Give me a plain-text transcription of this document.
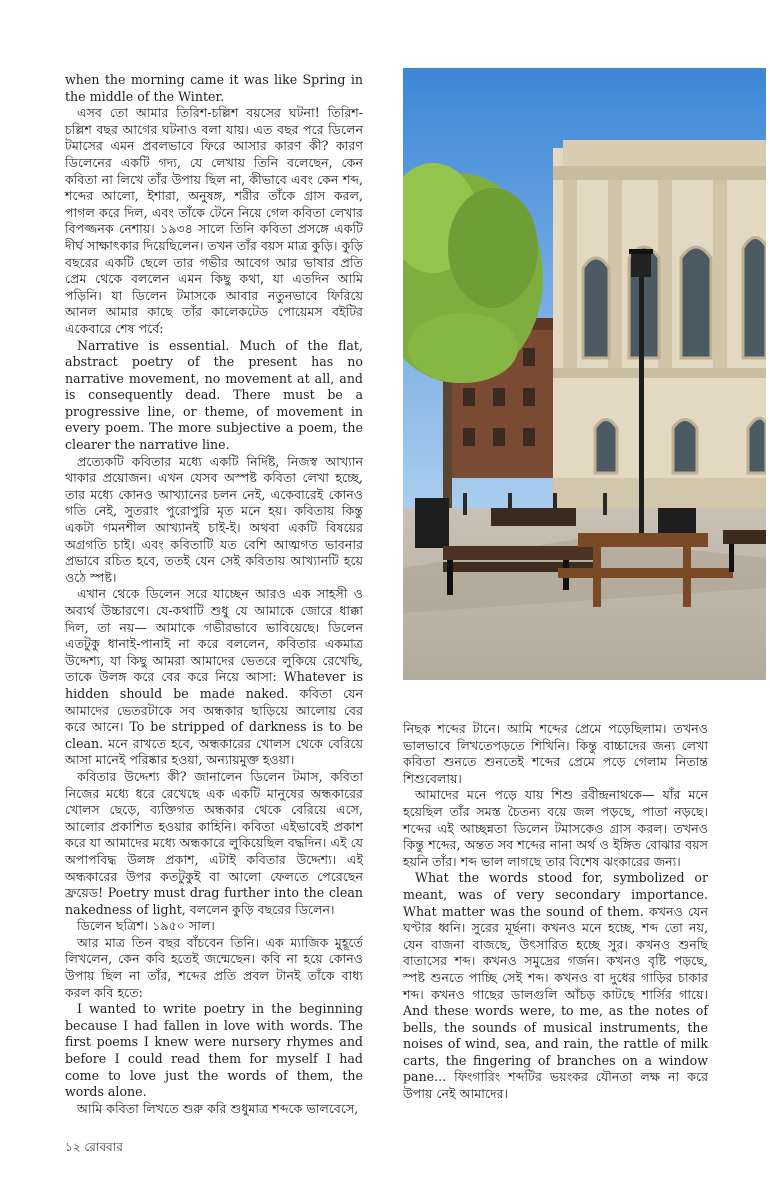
when the morning came it was like Spring in the middle of the Winter.

এসব তো আমার তিরিশ-চল্লিশ বয়সের ঘটনা! তিরিশ-চল্লিশ বছর আগের ঘটনাও বলা যায়। এত বছর পরে ডিলেন টমাসের এমন প্রবলভাবে ফিরে আসার কারণ কী? কারণ ডিলেনের একটি গদ্য, যে লেখায় তিনি বলেছেন, কেন কবিতা না লিখে তাঁর উপায় ছিল না, কীভাবে এবং কেন শব্দ, শব্দের আলো, ইশারা, অনুষঙ্গ, শরীর তাঁকে গ্রাস করল, পাগল করে দিল, এবং তাঁকে টেনে নিয়ে গেল কবিতা লেখার বিপজ্জনক নেশায়। ১৯৩৪ সালে তিনি কবিতা প্রসঙ্গে একটি দীর্ঘ সাক্ষাৎকার দিয়েছিলেন। তখন তাঁর বয়স মাত্র কুড়ি। কুড়ি বছরের একটি ছেলে তার গভীর আবেগ আর ভাষার প্রতি প্রেম থেকে বললেন এমন কিছু কথা, যা এতদিন আমি পড়িনি। যা ডিলেন টমাসকে আবার নতুনভাবে ফিরিয়ে আনল আমার কাছে তাঁর কালেকটেড পোয়েমস বইটির একেবারে শেষ পর্বে:

Narrative is essential. Much of the flat, abstract poetry of the present has no narrative movement, no movement at all, and is consequently dead. There must be a progressive line, or theme, of movement in every poem. The more subjective a poem, the clearer the narrative line.

প্রত্যেকটি কবিতার মধ্যে একটি নির্দিষ্ট, নিজস্ব আখ্যান থাকার প্রয়োজন। এখন যেসব অস্পষ্ট কবিতা লেখা হচ্ছে, তার মধ্যে কোনও আখ্যানের চলন নেই, একেবারেই কোনও গতি নেই, সুতরাং পুরোপুরি মৃত মনে হয়। কবিতায় কিন্তু একটা গমনশীল আখ্যানই চাই-ই। অথবা একটি বিষয়ের অগ্রগতি চাই। এবং কবিতাটি যত বেশি আত্মগত ভাবনার প্রভাবে রচিত হবে, ততই যেন সেই কবিতায় আখ্যানটি হয়ে ওঠে স্পষ্ট।

এখান থেকে ডিলেন সরে যাচ্ছেন আরও এক সাহসী ও অব্যর্থ উচ্চারণে। যে-কথাটি শুধু যে আমাকে জোরে ধাক্কা দিল, তা নয়— আমাকে গভীরভাবে ভাবিয়েছে। ডিলেন এতটুকু ধানাই-পানাই না করে বললেন, কবিতার একমাত্র উদ্দেশ্য, যা কিছু আমরা আমাদের ভেতরে লুকিয়ে রেখেছি, তাকে উলঙ্গ করে বের করে নিয়ে আসা: Whatever is hidden should be made naked. কবিতা যেন আমাদের ভেতরটাকে সব অন্ধকার ছাড়িয়ে আলোয় বের করে আনে। To be stripped of darkness is to be clean. মনে রাখতে হবে, অন্ধকারের খোলস থেকে বেরিয়ে আসা মানেই পরিষ্কার হওয়া, অন্যায়মুক্ত হওয়া।

কবিতার উদ্দেশ্য কী? জানালেন ডিলেন টমাস, কবিতা নিজের মধ্যে ধরে রেখেছে এক একটি মানুষের অন্ধকারের খোলস ছেড়ে, ব্যক্তিগত অন্ধকার থেকে বেরিয়ে এসে, আলোর প্রকাশিত হওয়ার কাহিনি। কবিতা এইভাবেই প্রকাশ করে যা আমাদের মধ্যে অন্ধকারে লুকিয়েছিল বদ্ধদিন। এই যে অপাপবিদ্ধ উলঙ্গ প্রকাশ, এটাই কবিতার উদ্দেশ্য। এই অন্ধকারের উপর কতটুকুই বা আলো ফেলতে পেরেছেন ফ্রয়েড! Poetry must drag further into the clean nakedness of light, বললেন কুড়ি বছরের ডিলেন।

ডিলেন ছত্রিশ। ১৯৫০ সাল।

আর মাত্র তিন বছর বাঁচবেন তিনি। এক ম্যাজিক মুহূর্তে লিখলেন, কেন কবি হতেই জন্মেছেন। কবি না হয়ে কোনও উপায় ছিল না তাঁর, শব্দের প্রতি প্রবল টানই তাঁকে বাধ্য করল কবি হতে:

I wanted to write poetry in the beginning because I had fallen in love with words. The first poems I knew were nursery rhymes and before I could read them for myself I had come to love just the words of them, the words alone.

আমি কবিতা লিখতে শুরু করি শুধুমাত্র শব্দকে ভালবেসে,

নিছক শব্দের টানে। আমি শব্দের প্রেমে পড়েছিলাম। তখনও ভালভাবে লিখতেপড়তে শিখিনি। কিন্তু বাচ্চাদের জন্য লেখা কবিতা শুনতে শুনতেই শব্দের প্রেমে পড়ে গেলাম নিতান্ত শিশুবেলায়।

আমাদের মনে পড়ে যায় শিশু রবীন্দ্রনাথকে— যাঁর মনে হয়েছিল তাঁর সমস্ত চৈতন্য বয়ে জল পড়ছে, পাতা নড়ছে। শব্দের এই আচ্ছন্নতা ডিলেন টমাসকেও গ্রাস করল। তখনও কিন্তু শব্দের, অন্তত সব শব্দের নানা অর্থ ও ইঙ্গিত বোঝার বয়স হয়নি তাঁর। শব্দ ভাল লাগছে তার বিশেষ ঝংকারের জন্য।

What the words stood for, symbolized or meant, was of very secondary importance. What matter was the sound of them. কখনও যেন ঘণ্টার ধ্বনি। সুরের মূর্ছনা। কখনও মনে হচ্ছে, শব্দ তো নয়, যেন বাজনা বাজছে, উৎসারিত হচ্ছে সুর। কখনও শুনছি বাতাসের শব্দ। কখনও সমুদ্রের গর্জন। কখনও বৃষ্টি পড়ছে, স্পষ্ট শুনতে পাচ্ছি সেই শব্দ। কখনও বা দুধের গাড়ির চাকার শব্দ। কখনও গাছের ডালগুলি আঁচড় কাটছে শার্সির গায়ে। And these words were, to me, as the notes of bells, the sounds of musical instruments, the noises of wind, sea, and rain, the rattle of milk carts, the fingering of branches on a window pane... ফিংগারিং শব্দটির ভয়ংকর যৌনতা লক্ষ না করে উপায় নেই আমাদের।

১২ রোববার
